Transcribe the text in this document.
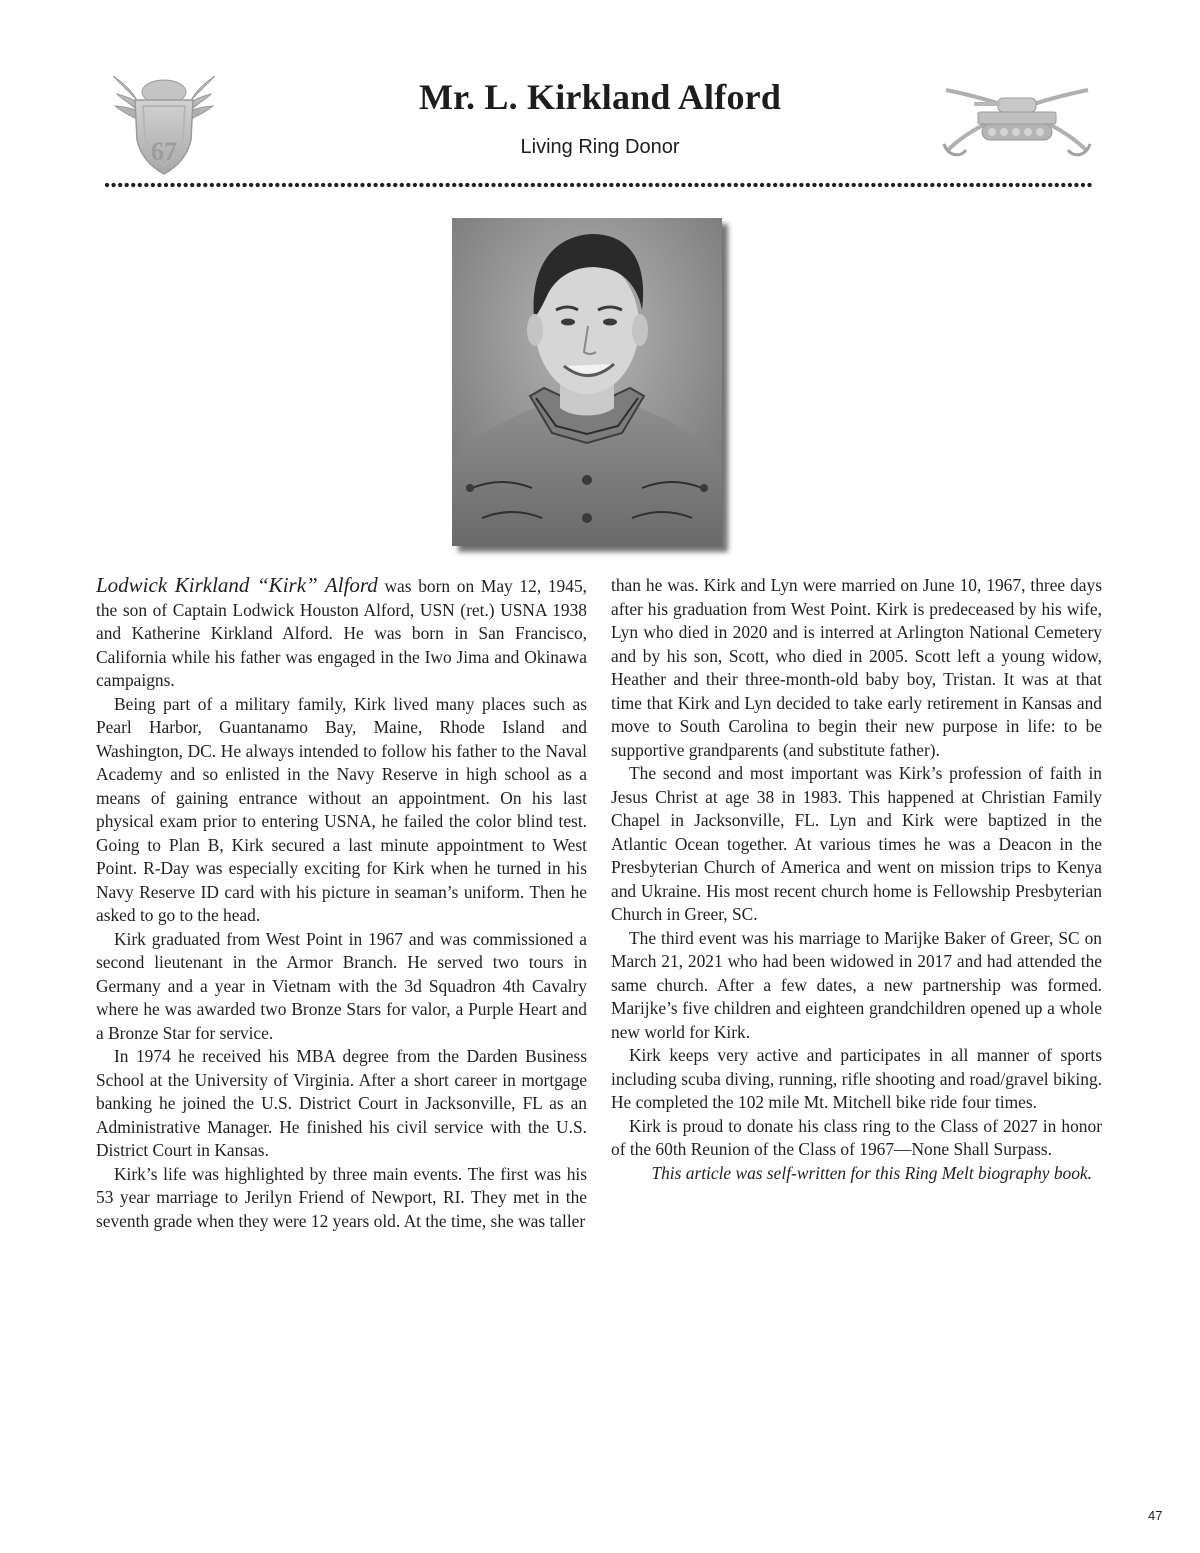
67
Mr. L. Kirkland Alford
Living Ring Donor

Lodwick Kirkland “Kirk” Alford was born on May 12, 1945, the son of Captain Lodwick Houston Alford, USN (ret.) USNA 1938 and Katherine Kirkland Alford. He was born in San Francisco, California while his father was engaged in the Iwo Jima and Okinawa campaigns.

Being part of a military family, Kirk lived many places such as Pearl Harbor, Guantanamo Bay, Maine, Rhode Island and Washington, DC. He always intended to follow his father to the Naval Academy and so enlisted in the Navy Reserve in high school as a means of gaining entrance without an appointment. On his last physical exam prior to entering USNA, he failed the color blind test. Going to Plan B, Kirk secured a last minute appointment to West Point. R-Day was especially exciting for Kirk when he turned in his Navy Reserve ID card with his picture in seaman’s uniform. Then he asked to go to the head.

Kirk graduated from West Point in 1967 and was commissioned a second lieutenant in the Armor Branch. He served two tours in Germany and a year in Vietnam with the 3d Squadron 4th Cavalry where he was awarded two Bronze Stars for valor, a Purple Heart and a Bronze Star for service.

In 1974 he received his MBA degree from the Darden Business School at the University of Virginia. After a short career in mortgage banking he joined the U.S. District Court in Jacksonville, FL as an Administrative Manager. He finished his civil service with the U.S. District Court in Kansas.

Kirk’s life was highlighted by three main events. The first was his 53 year marriage to Jerilyn Friend of Newport, RI. They met in the seventh grade when they were 12 years old. At the time, she was taller

than he was. Kirk and Lyn were married on June 10, 1967, three days after his graduation from West Point. Kirk is predeceased by his wife, Lyn who died in 2020 and is interred at Arlington National Cemetery and by his son, Scott, who died in 2005. Scott left a young widow, Heather and their three-month-old baby boy, Tristan. It was at that time that Kirk and Lyn decided to take early retirement in Kansas and move to South Carolina to begin their new purpose in life: to be supportive grandparents (and substitute father).

The second and most important was Kirk’s profession of faith in Jesus Christ at age 38 in 1983. This happened at Christian Family Chapel in Jacksonville, FL. Lyn and Kirk were baptized in the Atlantic Ocean together. At various times he was a Deacon in the Presbyterian Church of America and went on mission trips to Kenya and Ukraine. His most recent church home is Fellowship Presbyterian Church in Greer, SC.

The third event was his marriage to Marijke Baker of Greer, SC on March 21, 2021 who had been widowed in 2017 and had attended the same church. After a few dates, a new partnership was formed. Marijke’s five children and eighteen grandchildren opened up a whole new world for Kirk.

Kirk keeps very active and participates in all manner of sports including scuba diving, running, rifle shooting and road/gravel biking. He completed the 102 mile Mt. Mitchell bike ride four times.

Kirk is proud to donate his class ring to the Class of 2027 in honor of the 60th Reunion of the Class of 1967—None Shall Surpass.

This article was self-written for this Ring Melt biography book.

47
